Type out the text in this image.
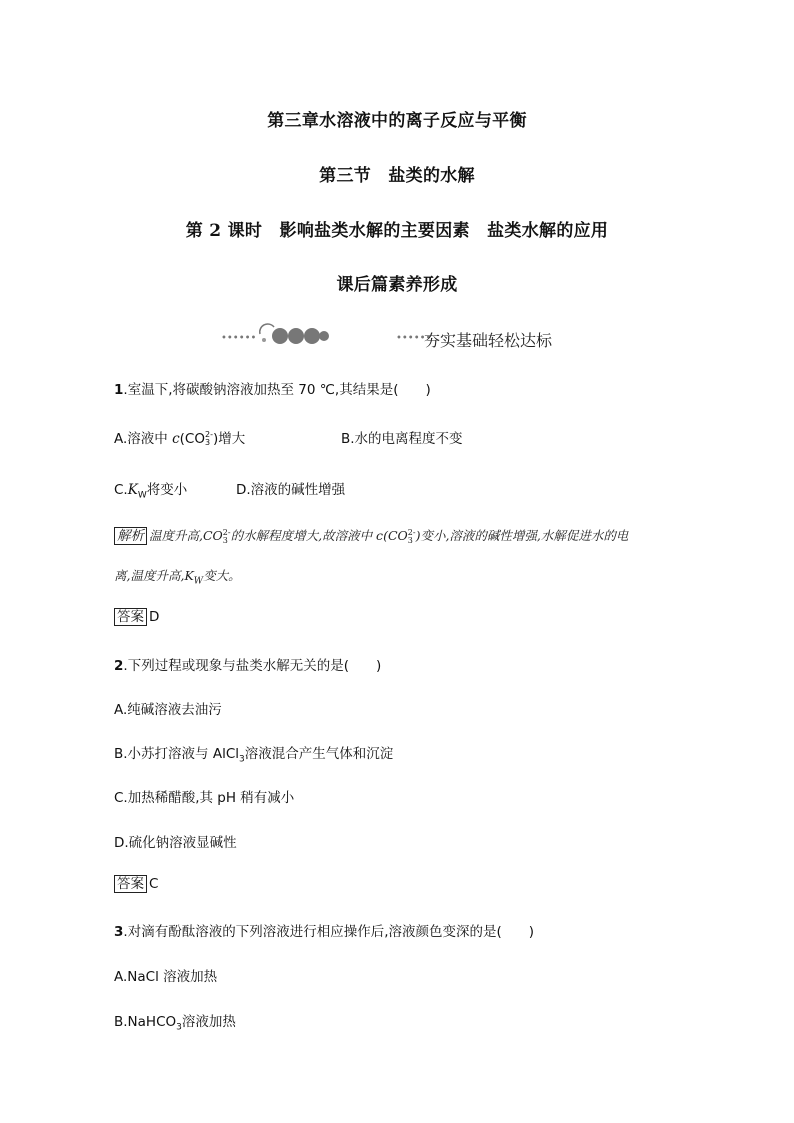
第三章水溶液中的离子反应与平衡
第三节　盐类的水解
第 2 课时　影响盐类水解的主要因素　盐类水解的应用
课后篇素养形成
••••••	••••••
夯实基础轻松达标
1.室温下,将碳酸钠溶液加热至 70 ℃,其结果是(　　)
A.溶液中 c(CO 2-
3 )增大	B.水的电离程度不变
$C.K_W$将变小	D.溶液的碱性增强
解析 温度升高,CO 2-
3 的水解程度增大,故溶液中 c(CO 2-
3 )变小,溶液的碱性增强,水解促进水的电
离,温度升高$,K_W$变大。
答案 D
2.下列过程或现象与盐类水解无关的是(　　)
A.纯碱溶液去油污
B.小苏打溶液与 AlCl$_3$溶液混合产生气体和沉淀
C.加热稀醋酸,其 pH 稍有减小
D.硫化钠溶液显碱性
答案 C
3.对滴有酚酞溶液的下列溶液进行相应操作后,溶液颜色变深的是(　　)
A.NaCl 溶液加热
B.NaHCO$_3$溶液加热
